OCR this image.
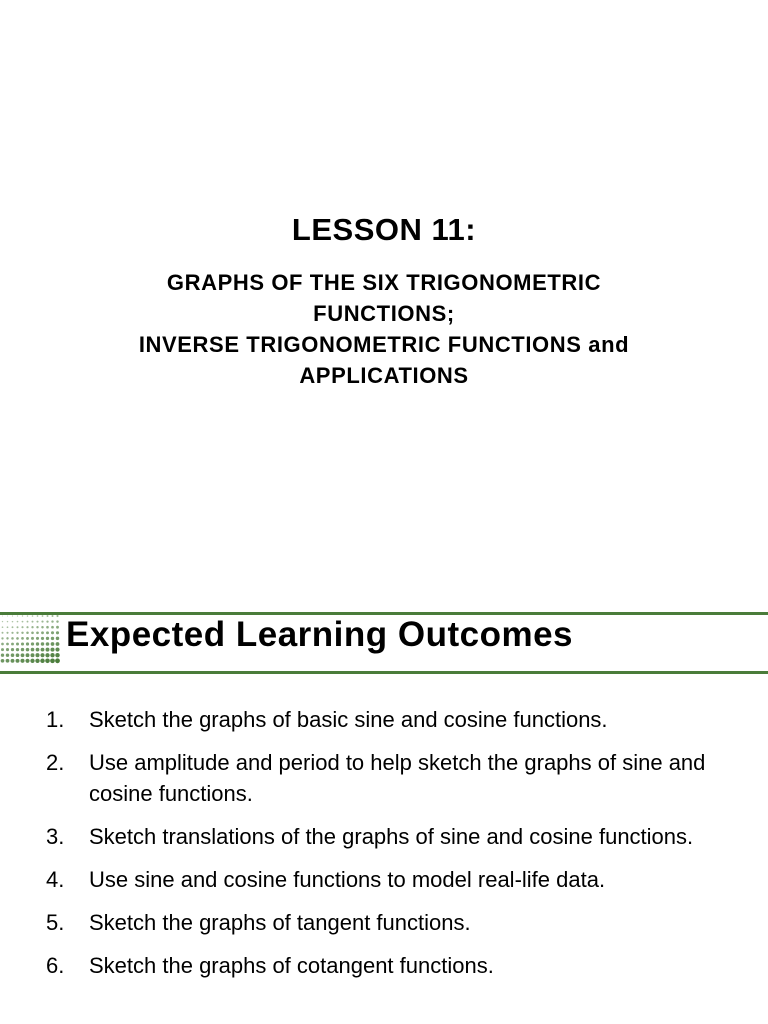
LESSON 11:
GRAPHS OF THE SIX TRIGONOMETRIC
FUNCTIONS;
INVERSE TRIGONOMETRIC FUNCTIONS and
APPLICATIONS
Expected Learning Outcomes
1. Sketch the graphs of basic sine and cosine functions.
2. Use amplitude and period to help sketch the graphs of sine and cosine functions.
3. Sketch translations of the graphs of sine and cosine functions.
4. Use sine and cosine functions to model real-life data.
5. Sketch the graphs of tangent functions.
6. Sketch the graphs of cotangent functions.
